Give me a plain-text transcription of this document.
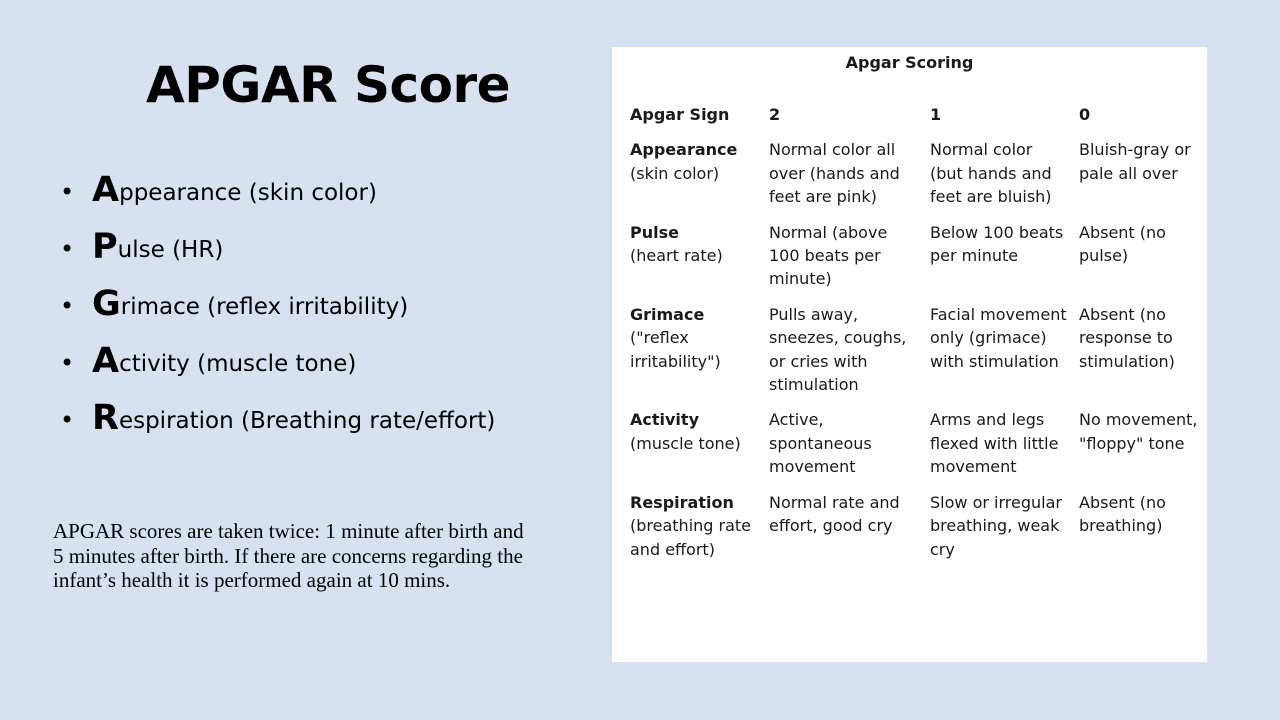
APGAR Score
• Appearance (skin color)
• Pulse (HR)
• Grimace (reflex irritability)
• Activity (muscle tone)
• Respiration (Breathing rate/effort)

APGAR scores are taken twice: 1 minute after birth and 5 minutes after birth. If there are concerns regarding the infant’s health it is performed again at 10 mins.

Apgar Scoring
Apgar Sign	2	1	0

Appearance
(skin color)	Normal color all over (hands and feet are pink)	Normal color (but hands and feet are bluish)	Bluish-gray or pale all over

Pulse
(heart rate)	Normal (above 100 beats per minute)	Below 100 beats per minute	Absent (no pulse)

Grimace
("reflex irritability")	Pulls away, sneezes, coughs, or cries with stimulation	Facial movement only (grimace) with stimulation	Absent (no response to stimulation)

Activity
(muscle tone)	Active, spontaneous movement	Arms and legs flexed with little movement	No movement, "floppy" tone

Respiration
(breathing rate and effort)	Normal rate and effort, good cry	Slow or irregular breathing, weak cry	Absent (no breathing)
